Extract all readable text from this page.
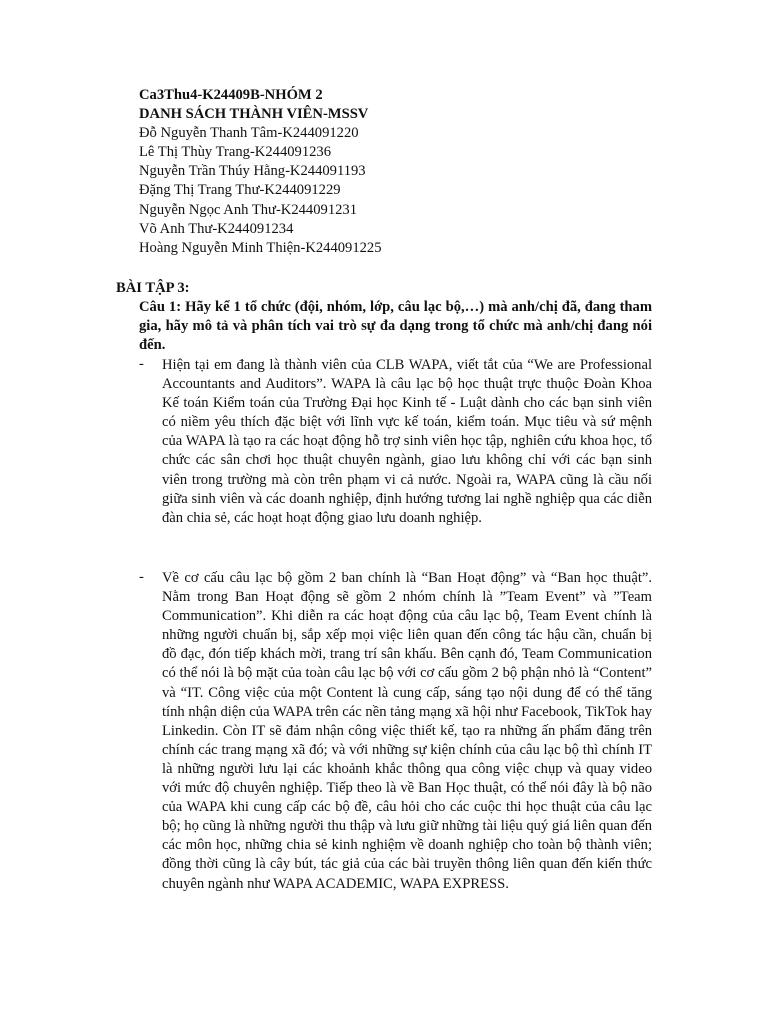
Ca3Thu4-K24409B-NHÓM 2
DANH SÁCH THÀNH VIÊN-MSSV
Đỗ Nguyễn Thanh Tâm-K244091220
Lê Thị Thùy Trang-K244091236
Nguyễn Trần Thúy Hằng-K244091193
Đặng Thị Trang Thư-K244091229
Nguyễn Ngọc Anh Thư-K244091231
Võ Anh Thư-K244091234
Hoàng Nguyễn Minh Thiện-K244091225
BÀI TẬP 3:
Câu 1: Hãy kể 1 tổ chức (đội, nhóm, lớp, câu lạc bộ,…) mà anh/chị đã, đang tham gia, hãy mô tả và phân tích vai trò sự đa dạng trong tổ chức mà anh/chị đang nói đến.
-	Hiện tại em đang là thành viên của CLB WAPA, viết tắt của “We are Professional Accountants and Auditors”. WAPA là câu lạc bộ học thuật trực thuộc Đoàn Khoa Kế toán Kiểm toán của Trường Đại học Kinh tế - Luật dành cho các bạn sinh viên có niềm yêu thích đặc biệt với lĩnh vực kế toán, kiểm toán. Mục tiêu và sứ mệnh của WAPA là tạo ra các hoạt động hỗ trợ sinh viên học tập, nghiên cứu khoa học, tổ chức các sân chơi học thuật chuyên ngành, giao lưu không chỉ với các bạn sinh viên trong trường mà còn trên phạm vi cả nước. Ngoài ra, WAPA cũng là cầu nối giữa sinh viên và các doanh nghiệp, định hướng tương lai nghề nghiệp qua các diễn đàn chia sẻ, các hoạt hoạt động giao lưu doanh nghiệp.
-	Về cơ cấu câu lạc bộ gồm 2 ban chính là “Ban Hoạt động” và “Ban học thuật”. Nằm trong Ban Hoạt động sẽ gồm 2 nhóm chính là ”Team Event” và ”Team Communication”. Khi diễn ra các hoạt động của câu lạc bộ, Team Event chính là những người chuẩn bị, sắp xếp mọi việc liên quan đến công tác hậu cần, chuẩn bị đồ đạc, đón tiếp khách mời, trang trí sân khấu. Bên cạnh đó, Team Communication có thể nói là bộ mặt của toàn câu lạc bộ với cơ cấu gồm 2 bộ phận nhỏ là “Content” và “IT. Công việc của một Content là cung cấp, sáng tạo nội dung để có thể tăng tính nhận diện của WAPA trên các nền tảng mạng xã hội như Facebook, TikTok hay Linkedin. Còn IT sẽ đảm nhận công việc thiết kế, tạo ra những ấn phẩm đăng trên chính các trang mạng xã đó; và với những sự kiện chính của câu lạc bộ thì chính IT là những người lưu lại các khoảnh khắc thông qua công việc chụp và quay video với mức độ chuyên nghiệp. Tiếp theo là về Ban Học thuật, có thể nói đây là bộ não của WAPA khi cung cấp các bộ đề, câu hỏi cho các cuộc thi học thuật của câu lạc bộ; họ cũng là những người thu thập và lưu giữ những tài liệu quý giá liên quan đến các môn học, những chia sẻ kinh nghiệm về doanh nghiệp cho toàn bộ thành viên; đồng thời cũng là cây bút, tác giả của các bài truyền thông liên quan đến kiến thức chuyên ngành như WAPA ACADEMIC, WAPA EXPRESS.
